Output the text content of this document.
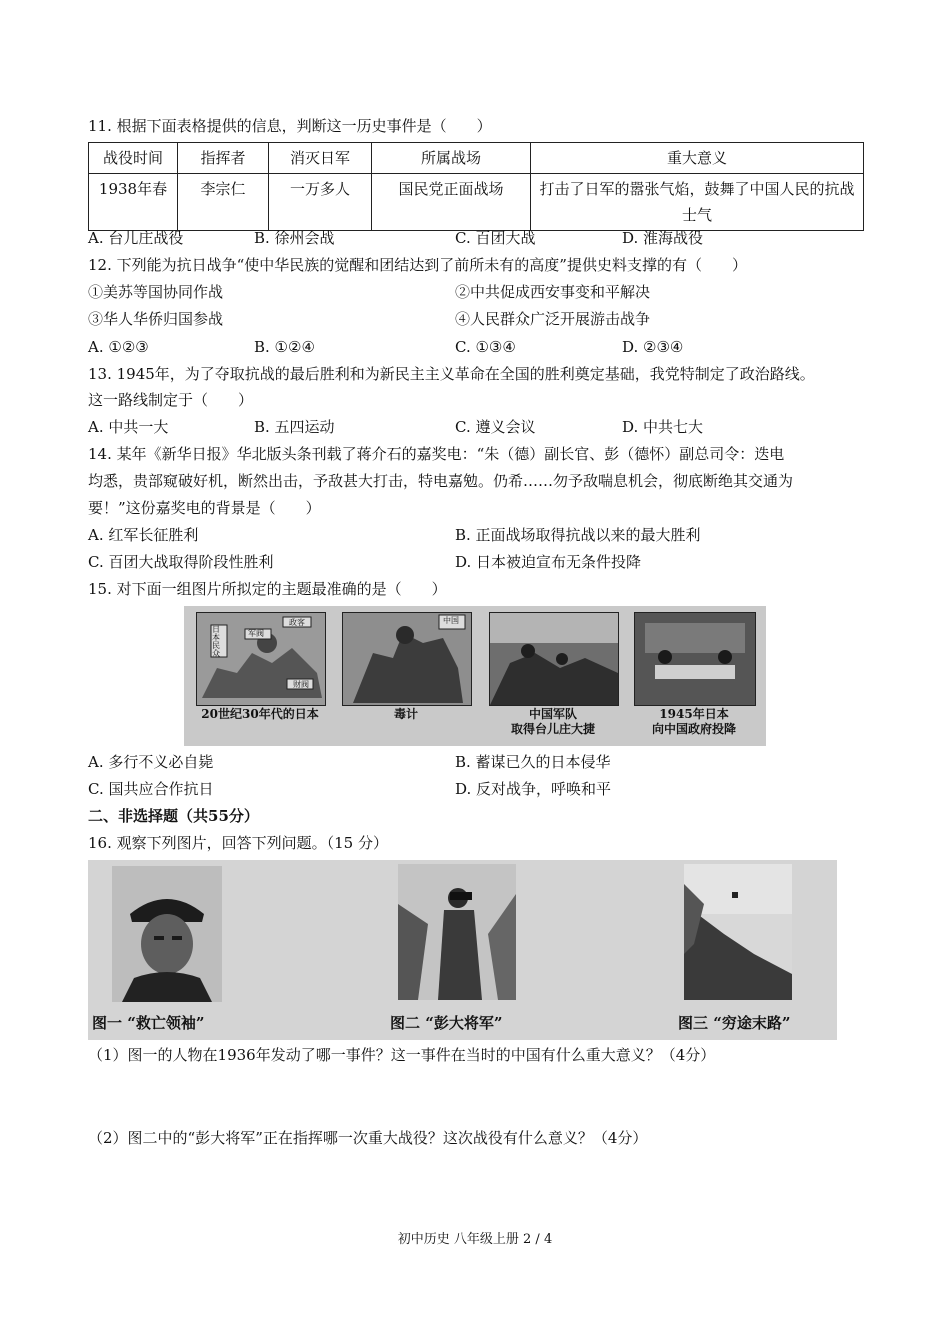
11. 根据下面表格提供的信息，判断这一历史事件是（　　）
战役时间	指挥者	消灭日军	所属战场	重大意义
1938年春	李宗仁	一万多人	国民党正面战场	打击了日军的嚣张气焰，鼓舞了中国人民的抗战士气
A. 台儿庄战役	B. 徐州会战	C. 百团大战	D. 淮海战役
12. 下列能为抗日战争“使中华民族的觉醒和团结达到了前所未有的高度”提供史料支撑的有（　　）
①美苏等国协同作战	②中共促成西安事变和平解决
③华人华侨归国参战	④人民群众广泛开展游击战争
A. ①②③	B. ①②④	C. ①③④	D. ②③④
13. 1945年，为了夺取抗战的最后胜利和为新民主主义革命在全国的胜利奠定基础，我党特制定了政治路线。
这一路线制定于（　　）
A. 中共一大	B. 五四运动	C. 遵义会议	D. 中共七大
14. 某年《新华日报》华北版头条刊载了蒋介石的嘉奖电：“朱（德）副长官、彭（德怀）副总司令：迭电
均悉，贵部窥破好机，断然出击，予敌甚大打击，特电嘉勉。仍希……勿予敌喘息机会，彻底断绝其交通为
要！”这份嘉奖电的背景是（　　）
A. 红军长征胜利	B. 正面战场取得抗战以来的最大胜利
C. 百团大战取得阶段性胜利	D. 日本被迫宣布无条件投降
15. 对下面一组图片所拟定的主题最准确的是（　　）
日本民众
军阀
政客
财阀
中国
20世纪30年代的日本	毒计	中国军队
取得台儿庄大捷
1945年日本
向中国政府投降
A. 多行不义必自毙	B. 蓄谋已久的日本侵华
C. 国共应合作抗日	D. 反对战争，呼唤和平
二、非选择题（共55分）
16. 观察下列图片，回答下列问题。（15 分）
图一 “救亡领袖”	图二 “彭大将军”	图三 “穷途末路”
（1）图一的人物在1936年发动了哪一事件？这一事件在当时的中国有什么重大意义？（4分）
（2）图二中的“彭大将军”正在指挥哪一次重大战役？这次战役有什么意义？（4分）
初中历史 八年级上册 2 / 4
